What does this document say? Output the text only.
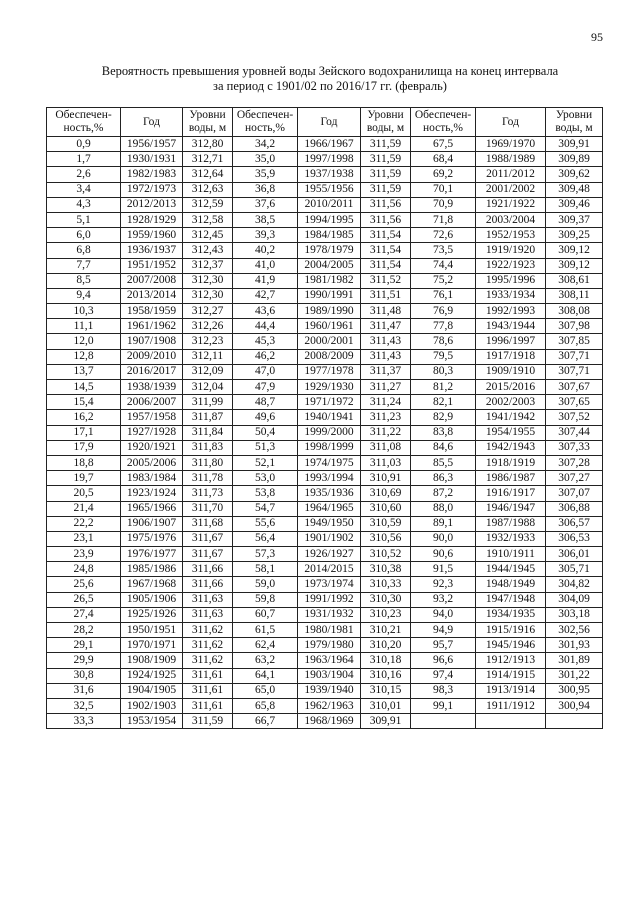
95
Вероятность превышения уровней воды Зейского водохранилища на конец интервала
за период с 1901/02 по 2016/17 гг. (февраль)
Обеспечен-
ность,%	Год	Уровни
воды, м	Обеспечен-
ность,%	Год	Уровни
воды, м	Обеспечен-
ность,%	Год	Уровни
воды, м

0,9	1956/1957	312,80	34,2	1966/1967	311,59	67,5	1969/1970	309,91
1,7	1930/1931	312,71	35,0	1997/1998	311,59	68,4	1988/1989	309,89
2,6	1982/1983	312,64	35,9	1937/1938	311,59	69,2	2011/2012	309,62
3,4	1972/1973	312,63	36,8	1955/1956	311,59	70,1	2001/2002	309,48
4,3	2012/2013	312,59	37,6	2010/2011	311,56	70,9	1921/1922	309,46
5,1	1928/1929	312,58	38,5	1994/1995	311,56	71,8	2003/2004	309,37
6,0	1959/1960	312,45	39,3	1984/1985	311,54	72,6	1952/1953	309,25
6,8	1936/1937	312,43	40,2	1978/1979	311,54	73,5	1919/1920	309,12
7,7	1951/1952	312,37	41,0	2004/2005	311,54	74,4	1922/1923	309,12
8,5	2007/2008	312,30	41,9	1981/1982	311,52	75,2	1995/1996	308,61
9,4	2013/2014	312,30	42,7	1990/1991	311,51	76,1	1933/1934	308,11
10,3	1958/1959	312,27	43,6	1989/1990	311,48	76,9	1992/1993	308,08
11,1	1961/1962	312,26	44,4	1960/1961	311,47	77,8	1943/1944	307,98
12,0	1907/1908	312,23	45,3	2000/2001	311,43	78,6	1996/1997	307,85
12,8	2009/2010	312,11	46,2	2008/2009	311,43	79,5	1917/1918	307,71
13,7	2016/2017	312,09	47,0	1977/1978	311,37	80,3	1909/1910	307,71
14,5	1938/1939	312,04	47,9	1929/1930	311,27	81,2	2015/2016	307,67
15,4	2006/2007	311,99	48,7	1971/1972	311,24	82,1	2002/2003	307,65
16,2	1957/1958	311,87	49,6	1940/1941	311,23	82,9	1941/1942	307,52
17,1	1927/1928	311,84	50,4	1999/2000	311,22	83,8	1954/1955	307,44
17,9	1920/1921	311,83	51,3	1998/1999	311,08	84,6	1942/1943	307,33
18,8	2005/2006	311,80	52,1	1974/1975	311,03	85,5	1918/1919	307,28
19,7	1983/1984	311,78	53,0	1993/1994	310,91	86,3	1986/1987	307,27
20,5	1923/1924	311,73	53,8	1935/1936	310,69	87,2	1916/1917	307,07
21,4	1965/1966	311,70	54,7	1964/1965	310,60	88,0	1946/1947	306,88
22,2	1906/1907	311,68	55,6	1949/1950	310,59	89,1	1987/1988	306,57
23,1	1975/1976	311,67	56,4	1901/1902	310,56	90,0	1932/1933	306,53
23,9	1976/1977	311,67	57,3	1926/1927	310,52	90,6	1910/1911	306,01
24,8	1985/1986	311,66	58,1	2014/2015	310,38	91,5	1944/1945	305,71
25,6	1967/1968	311,66	59,0	1973/1974	310,33	92,3	1948/1949	304,82
26,5	1905/1906	311,63	59,8	1991/1992	310,30	93,2	1947/1948	304,09
27,4	1925/1926	311,63	60,7	1931/1932	310,23	94,0	1934/1935	303,18
28,2	1950/1951	311,62	61,5	1980/1981	310,21	94,9	1915/1916	302,56
29,1	1970/1971	311,62	62,4	1979/1980	310,20	95,7	1945/1946	301,93
29,9	1908/1909	311,62	63,2	1963/1964	310,18	96,6	1912/1913	301,89
30,8	1924/1925	311,61	64,1	1903/1904	310,16	97,4	1914/1915	301,22
31,6	1904/1905	311,61	65,0	1939/1940	310,15	98,3	1913/1914	300,95
32,5	1902/1903	311,61	65,8	1962/1963	310,01	99,1	1911/1912	300,94
33,3	1953/1954	311,59	66,7	1968/1969	309,91			
